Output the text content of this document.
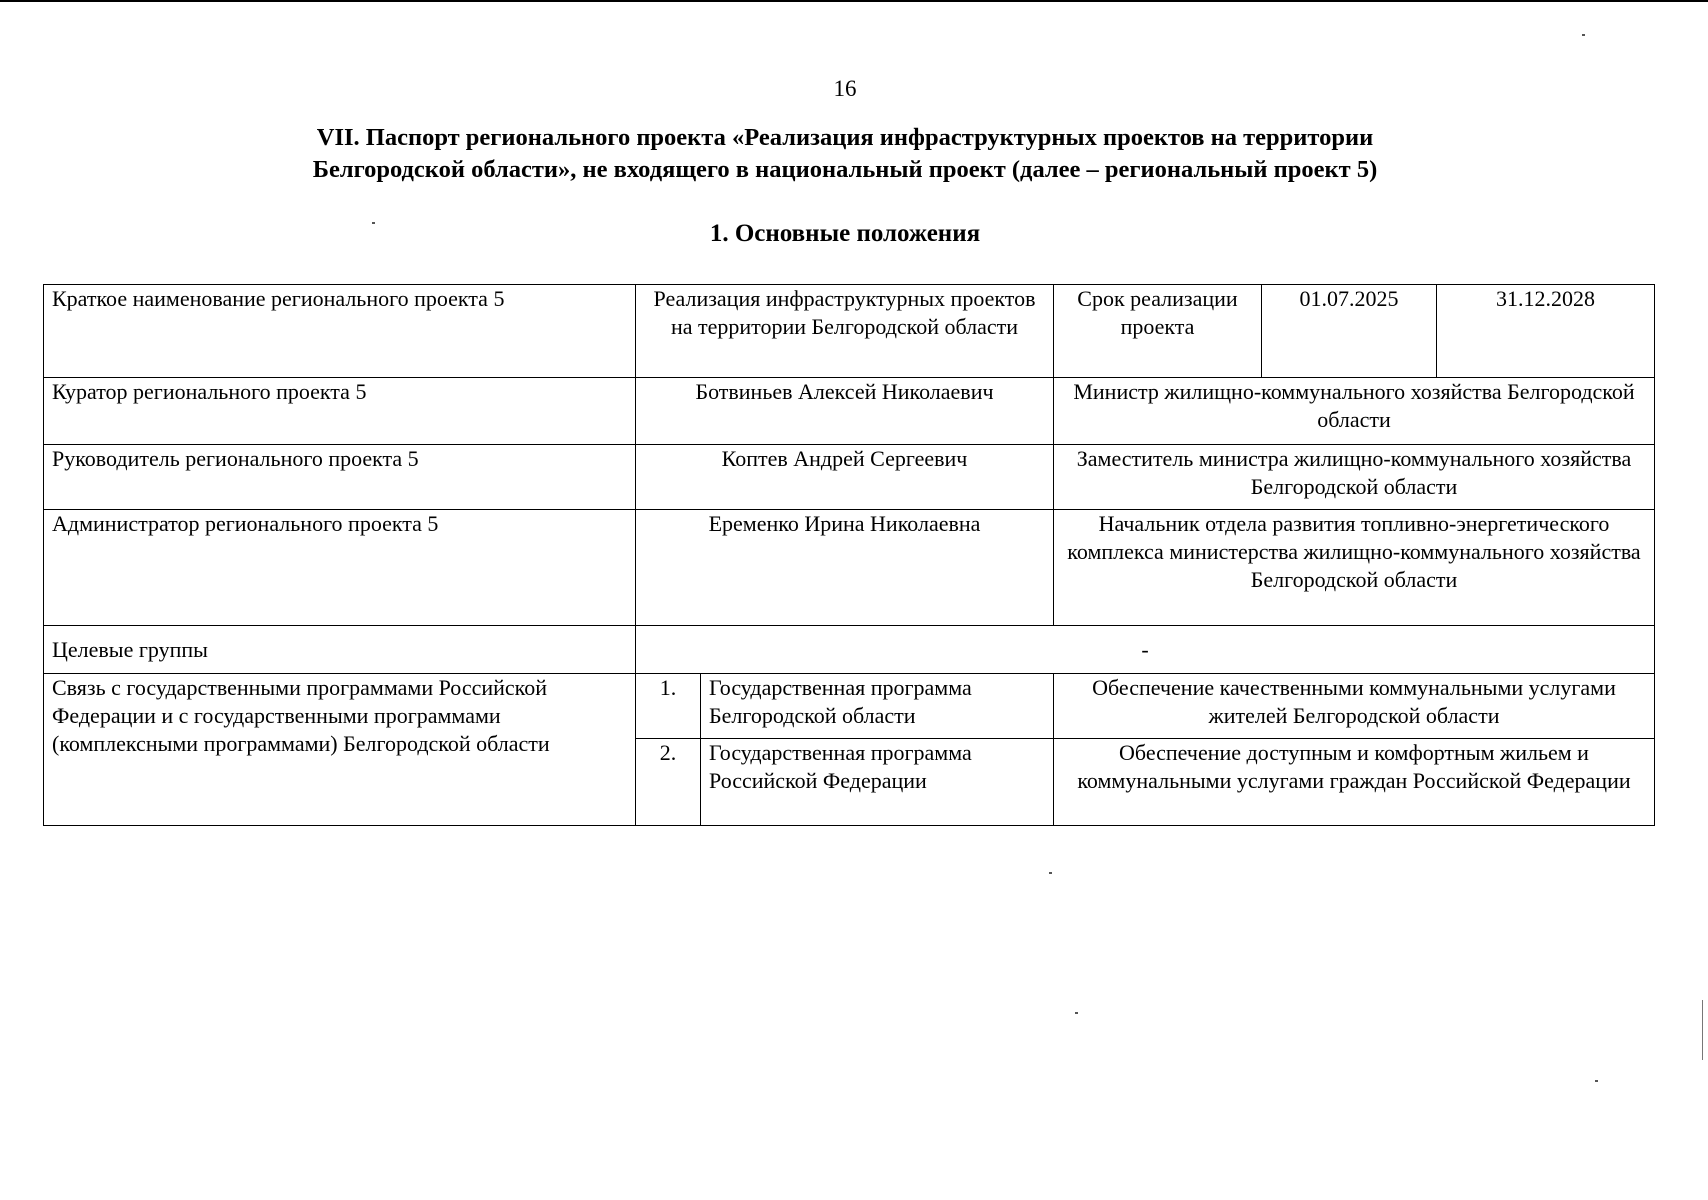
16
VII. Паспорт регионального проекта «Реализация инфраструктурных проектов на территории
Белгородской области», не входящего в национальный проект (далее – региональный проект 5)
1. Основные положения
Краткое наименование регионального проекта 5	Реализация инфраструктурных проектов на территории Белгородской области		Срок реализации проекта	01.07.2025	31.12.2028
Куратор регионального проекта 5	Ботвиньев Алексей Николаевич		Министр жилищно-коммунального хозяйства Белгородской области		
Руководитель регионального проекта 5	Коптев Андрей Сергеевич		Заместитель министра жилищно-коммунального хозяйства Белгородской области		
Администратор регионального проекта 5	Еременко Ирина Николаевна		Начальник отдела развития топливно-энергетического комплекса министерства жилищно-коммунального хозяйства Белгородской области		
Целевые группы	-				
Связь с государственными программами Российской Федерации и с государственными программами (комплексными программами) Белгородской области	1.	Государственная программа Белгородской области	Обеспечение качественными коммунальными услугами жителей Белгородской области		
	2.	Государственная программа Российской Федерации	Обеспечение доступным и комфортным жильем и коммунальными услугами граждан Российской Федерации		
